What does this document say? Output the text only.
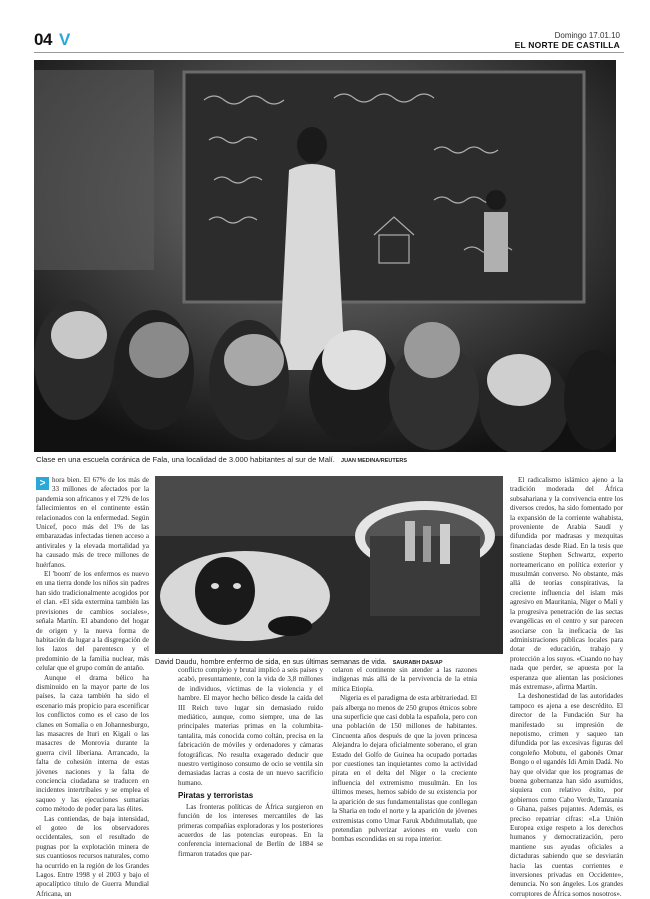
04 V	Domingo 17.01.10
EL NORTE DE CASTILLA
Clase en una escuela coránica de Fala, una localidad de 3.000 habitantes al sur de Malí. JUAN MEDINA/REUTERS
David Daudu, hombre enfermo de sida, en sus últimas semanas de vida. SAURABH DAS/AP

> hora bien. El 67% de los más de 33 millones de afectados por la pandemia son africanos y el 72% de los fallecimientos en el continente están relacionados con la enfermedad. Según Unicef, poco más del 1% de las embarazadas infectadas tienen acceso a antivirales y la elevada mortalidad ya ha causado más de trece millones de huérfanos.

El 'boom' de los enfermos es nuevo en una tierra donde los niños sin padres han sido tradicionalmente acogidos por el clan. «El sida extermina también las previsiones de cambios sociales», señala Martín. El abandono del hogar de origen y la nueva forma de habitación da lugar a la disgregación de los lazos del parentesco y el predominio de la familia nuclear, más celular que el grupo común de antaño.

Aunque el drama bélico ha disminuido en la mayor parte de los países, la caza también ha sido el escenario más propicio para escenificar los conflictos como es el caso de los clanes en Somalia o en Johannesburgo, las masacres de Ituri en Kigali o las masacres de Monrovia durante la guerra civil liberiana. Arrancado, la falta de cohesión interna de estas jóvenes naciones y la falta de conciencia ciudadana se traducen en incidentes intertribales y se emplea el saqueo y las ejecuciones sumarias como método de poder para las élites.

Las contiendas, de baja intensidad, el goteo de los observadores occidentales, son el resultado de pugnas por la explotación minera de sus cuantiosos recursos naturales, como ha ocurrido en la región de los Grandes Lagos. Entre 1998 y el 2003 y bajo el apocalíptico título de Guerra Mundial Africana, un

conflicto complejo y brutal implicó a seis países y acabó, presuntamente, con la vida de 3,8 millones de individuos, víctimas de la violencia y el hambre. El mayor hecho bélico desde la caída del III Reich tuvo lugar sin demasiado ruido mediático, aunque, como siempre, una de las principales materias primas en la columbita-tantalita, más conocida como coltán, precisa en la fabricación de móviles y ordenadores y cámaras fotográficas. No resulta exagerado deducir que nuestro vertiginoso consumo de ocio se ventila sin demasiadas lacras a costa de un nuevo sacrificio humano.

Piratas y terroristas

Las fronteras políticas de África surgieron en función de los intereses mercantiles de las primeras compañías exploradoras y los posteriores acuerdos de las potencias europeas. En la conferencia internacional de Berlín de 1884 se firmaron tratados que par-

celaron el continente sin atender a las razones indígenas más allá de la pervivencia de la etnia mítica Etiopía.

Nigeria es el paradigma de esta arbitrariedad. El país alberga no menos de 250 grupos étnicos sobre una superficie que casi dobla la española, pero con una población de 150 millones de habitantes. Cincuenta años después de que la joven princesa Alejandra lo dejara oficialmente soberano, el gran Estado del Golfo de Guinea ha ocupado portadas por cuestiones tan inquietantes como la actividad pirata en el delta del Níger o la creciente influencia del extremismo musulmán. En los últimos meses, hemos sabido de su existencia por la aparición de sus fundamentalistas que conllegan la Sharia en todo el norte y la aparición de jóvenes extremistas como Umar Faruk Abdulmutallab, que pretendían pulverizar aviones en vuelo con bombas escondidas en su ropa interior.

El radicalismo islámico ajeno a la tradición moderada del África subsahariana y la convivencia entre los diversos credos, ha sido fomentado por la expansión de la corriente wahabista, proveniente de Arabia Saudí y difundida por madrasas y mezquitas financiadas desde Riad. En la tesis que sostiene Stephen Schwartz, experto norteamericano en política exterior y musulmán converso. No obstante, más allá de teorías conspirativas, la creciente influencia del islam más agresivo en Mauritania, Níger o Malí y la progresiva penetración de las sectas evangélicas en el centro y sur parecen asociarse con la ineficacia de las administraciones públicas locales para dotar de educación, trabajo y protección a los suyos. «Cuando no hay nada que perder, se apuesta por la esperanza que alientan las posiciones más extremas», afirma Martín.

La deshonestidad de las autoridades tampoco es ajena a ese descrédito. El director de la Fundación Sur ha manifestado su impresión de nepotismo, crimen y saqueo tan difundida por las excesivas figuras del congoleño Mobutu, el gabonés Omar Bongo o el ugandés Idi Amin Dadá. No hay que olvidar que los programas de buena gobernanza han sido asumidos, siquiera con relativo éxito, por gobiernos como Cabo Verde, Tanzania o Ghana, países pujantes. Además, es preciso repatriar cifras: «La Unión Europea exige respeto a los derechos humanos y democratización, pero mantiene sus ayudas oficiales a dictaduras sabiendo que se desviarán hacia las cuentas corrientes e inversiones privadas en Occidente», denuncia. No son ángeles. Los grandes corruptores de África somos nosotros».
